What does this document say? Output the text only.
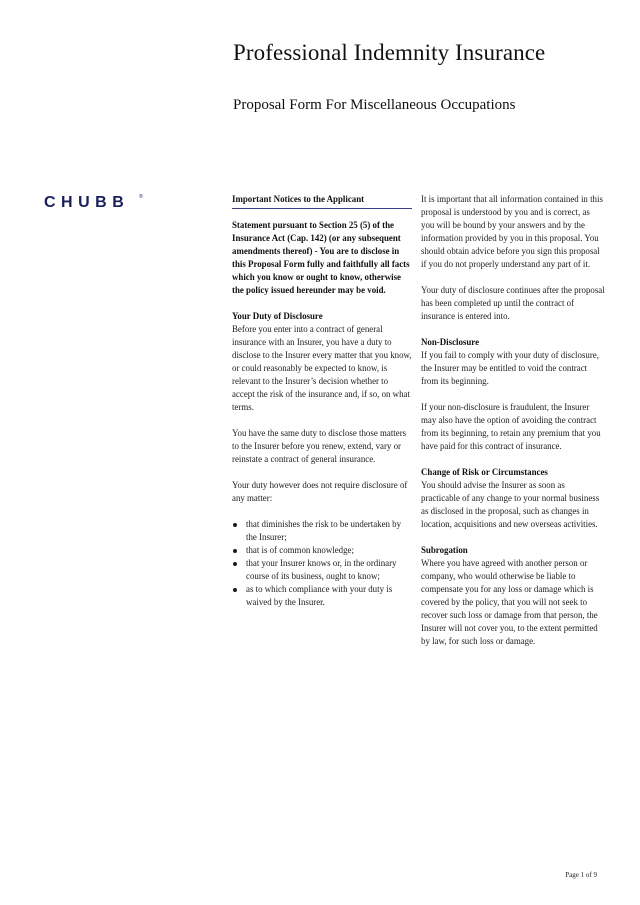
Professional Indemnity Insurance
Proposal Form For Miscellaneous Occupations
CHUBB ®	Important Notices to the Applicant

Statement pursuant to Section 25 (5) of the Insurance Act (Cap. 142) (or any subsequent amendments thereof) - You are to disclose in this Proposal Form fully and faithfully all facts which you know or ought to know, otherwise the policy issued hereunder may be void.

Your Duty of Disclosure

Before you enter into a contract of general insurance with an Insurer, you have a duty to disclose to the Insurer every matter that you know, or could reasonably be expected to know, is relevant to the Insurer’s decision whether to accept the risk of the insurance and, if so, on what terms.

You have the same duty to disclose those matters to the Insurer before you renew, extend, vary or reinstate a contract of general insurance.

Your duty however does not require disclosure of any matter:

that diminishes the risk to be undertaken by the Insurer;
that is of common knowledge;
that your Insurer knows or, in the ordinary course of its business, ought to know;
as to which compliance with your duty is waived by the Insurer.

It is important that all information contained in this proposal is understood by you and is correct, as you will be bound by your answers and by the information provided by you in this proposal. You should obtain advice before you sign this proposal if you do not properly understand any part of it.

Your duty of disclosure continues after the proposal has been completed up until the contract of insurance is entered into.

Non-Disclosure

If you fail to comply with your duty of disclosure, the Insurer may be entitled to void the contract from its beginning.

If your non-disclosure is fraudulent, the Insurer may also have the option of avoiding the contract from its beginning, to retain any premium that you have paid for this contract of insurance.

Change of Risk or Circumstances

You should advise the Insurer as soon as practicable of any change to your normal business as disclosed in the proposal, such as changes in location, acquisitions and new overseas activities.

Subrogation

Where you have agreed with another person or company, who would otherwise be liable to compensate you for any loss or damage which is covered by the policy, that you will not seek to recover such loss or damage from that person, the Insurer will not cover you, to the extent permitted by law, for such loss or damage.

Page 1 of 9
